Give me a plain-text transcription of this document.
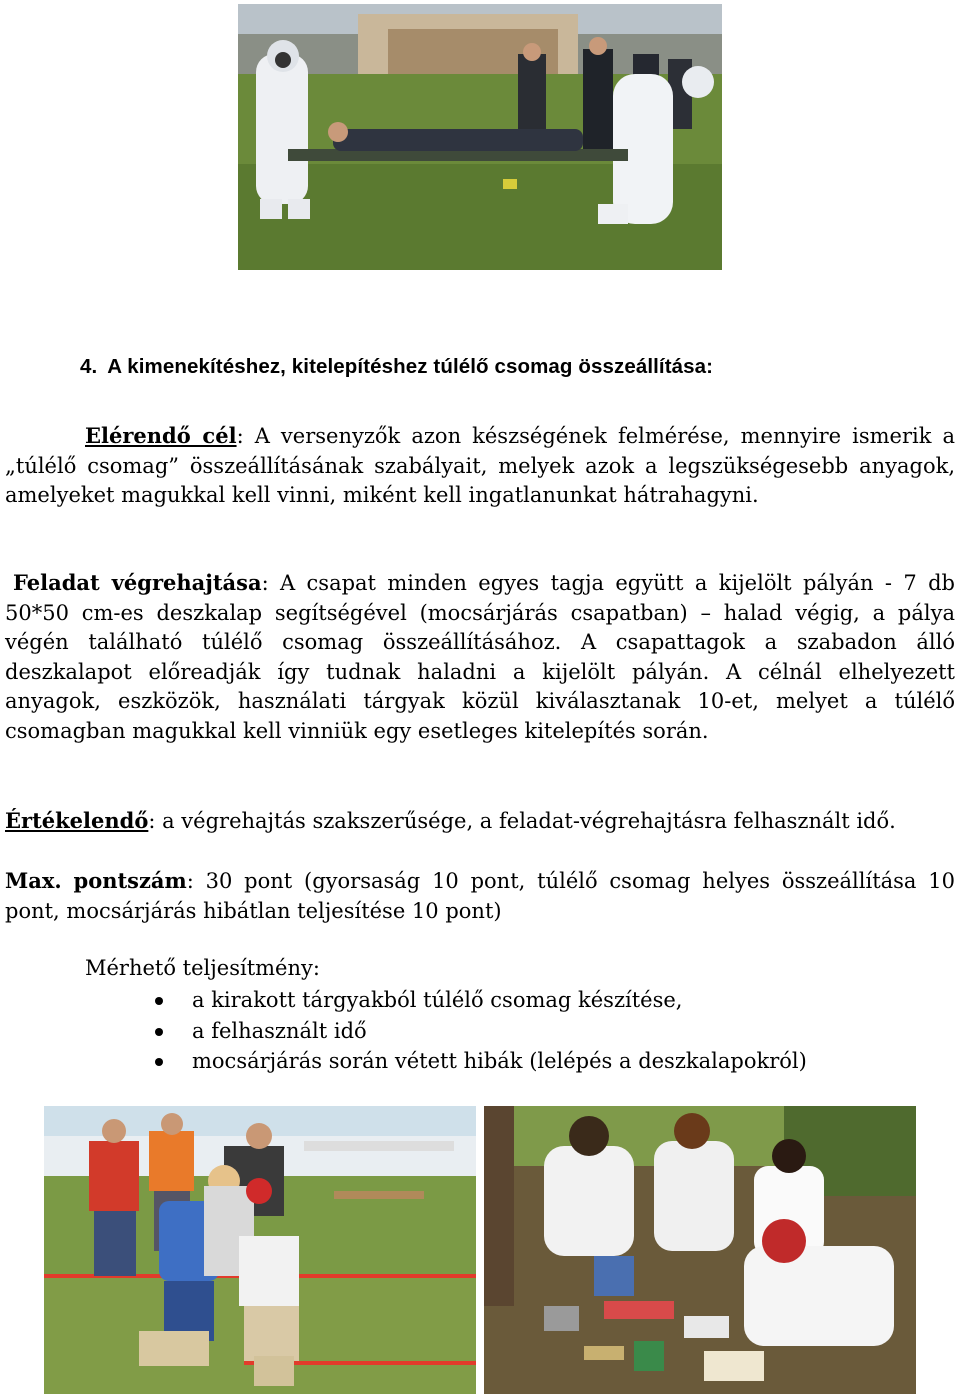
4. A kimenekítéshez, kitelepítéshez túlélő csomag összeállítása:
Elérendő cél: A versenyzők azon készségének felmérése, mennyire ismerik a „túlélő csomag” összeállításának szabályait, melyek azok a legszükségesebb anyagok, amelyeket magukkal kell vinni, miként kell ingatlanunkat hátrahagyni.
Feladat végrehajtása: A csapat minden egyes tagja együtt a kijelölt pályán - 7 db 50*50 cm-es deszkalap segítségével (mocsárjárás csapatban) – halad végig, a pálya végén található túlélő csomag összeállításához. A csapattagok a szabadon álló deszkalapot előreadják így tudnak haladni a kijelölt pályán. A célnál elhelyezett anyagok, eszközök, használati tárgyak közül kiválasztanak 10-et, melyet a túlélő csomagban magukkal kell vinniük egy esetleges kitelepítés során.
Értékelendő: a végrehajtás szakszerűsége, a feladat-végrehajtásra felhasznált idő.
Max. pontszám: 30 pont (gyorsaság 10 pont, túlélő csomag helyes összeállítása 10 pont, mocsárjárás hibátlan teljesítése 10 pont)
Mérhető teljesítmény:
a kirakott tárgyakból túlélő csomag készítése,
a felhasznált idő
mocsárjárás során vétett hibák (lelépés a deszkalapokról)
